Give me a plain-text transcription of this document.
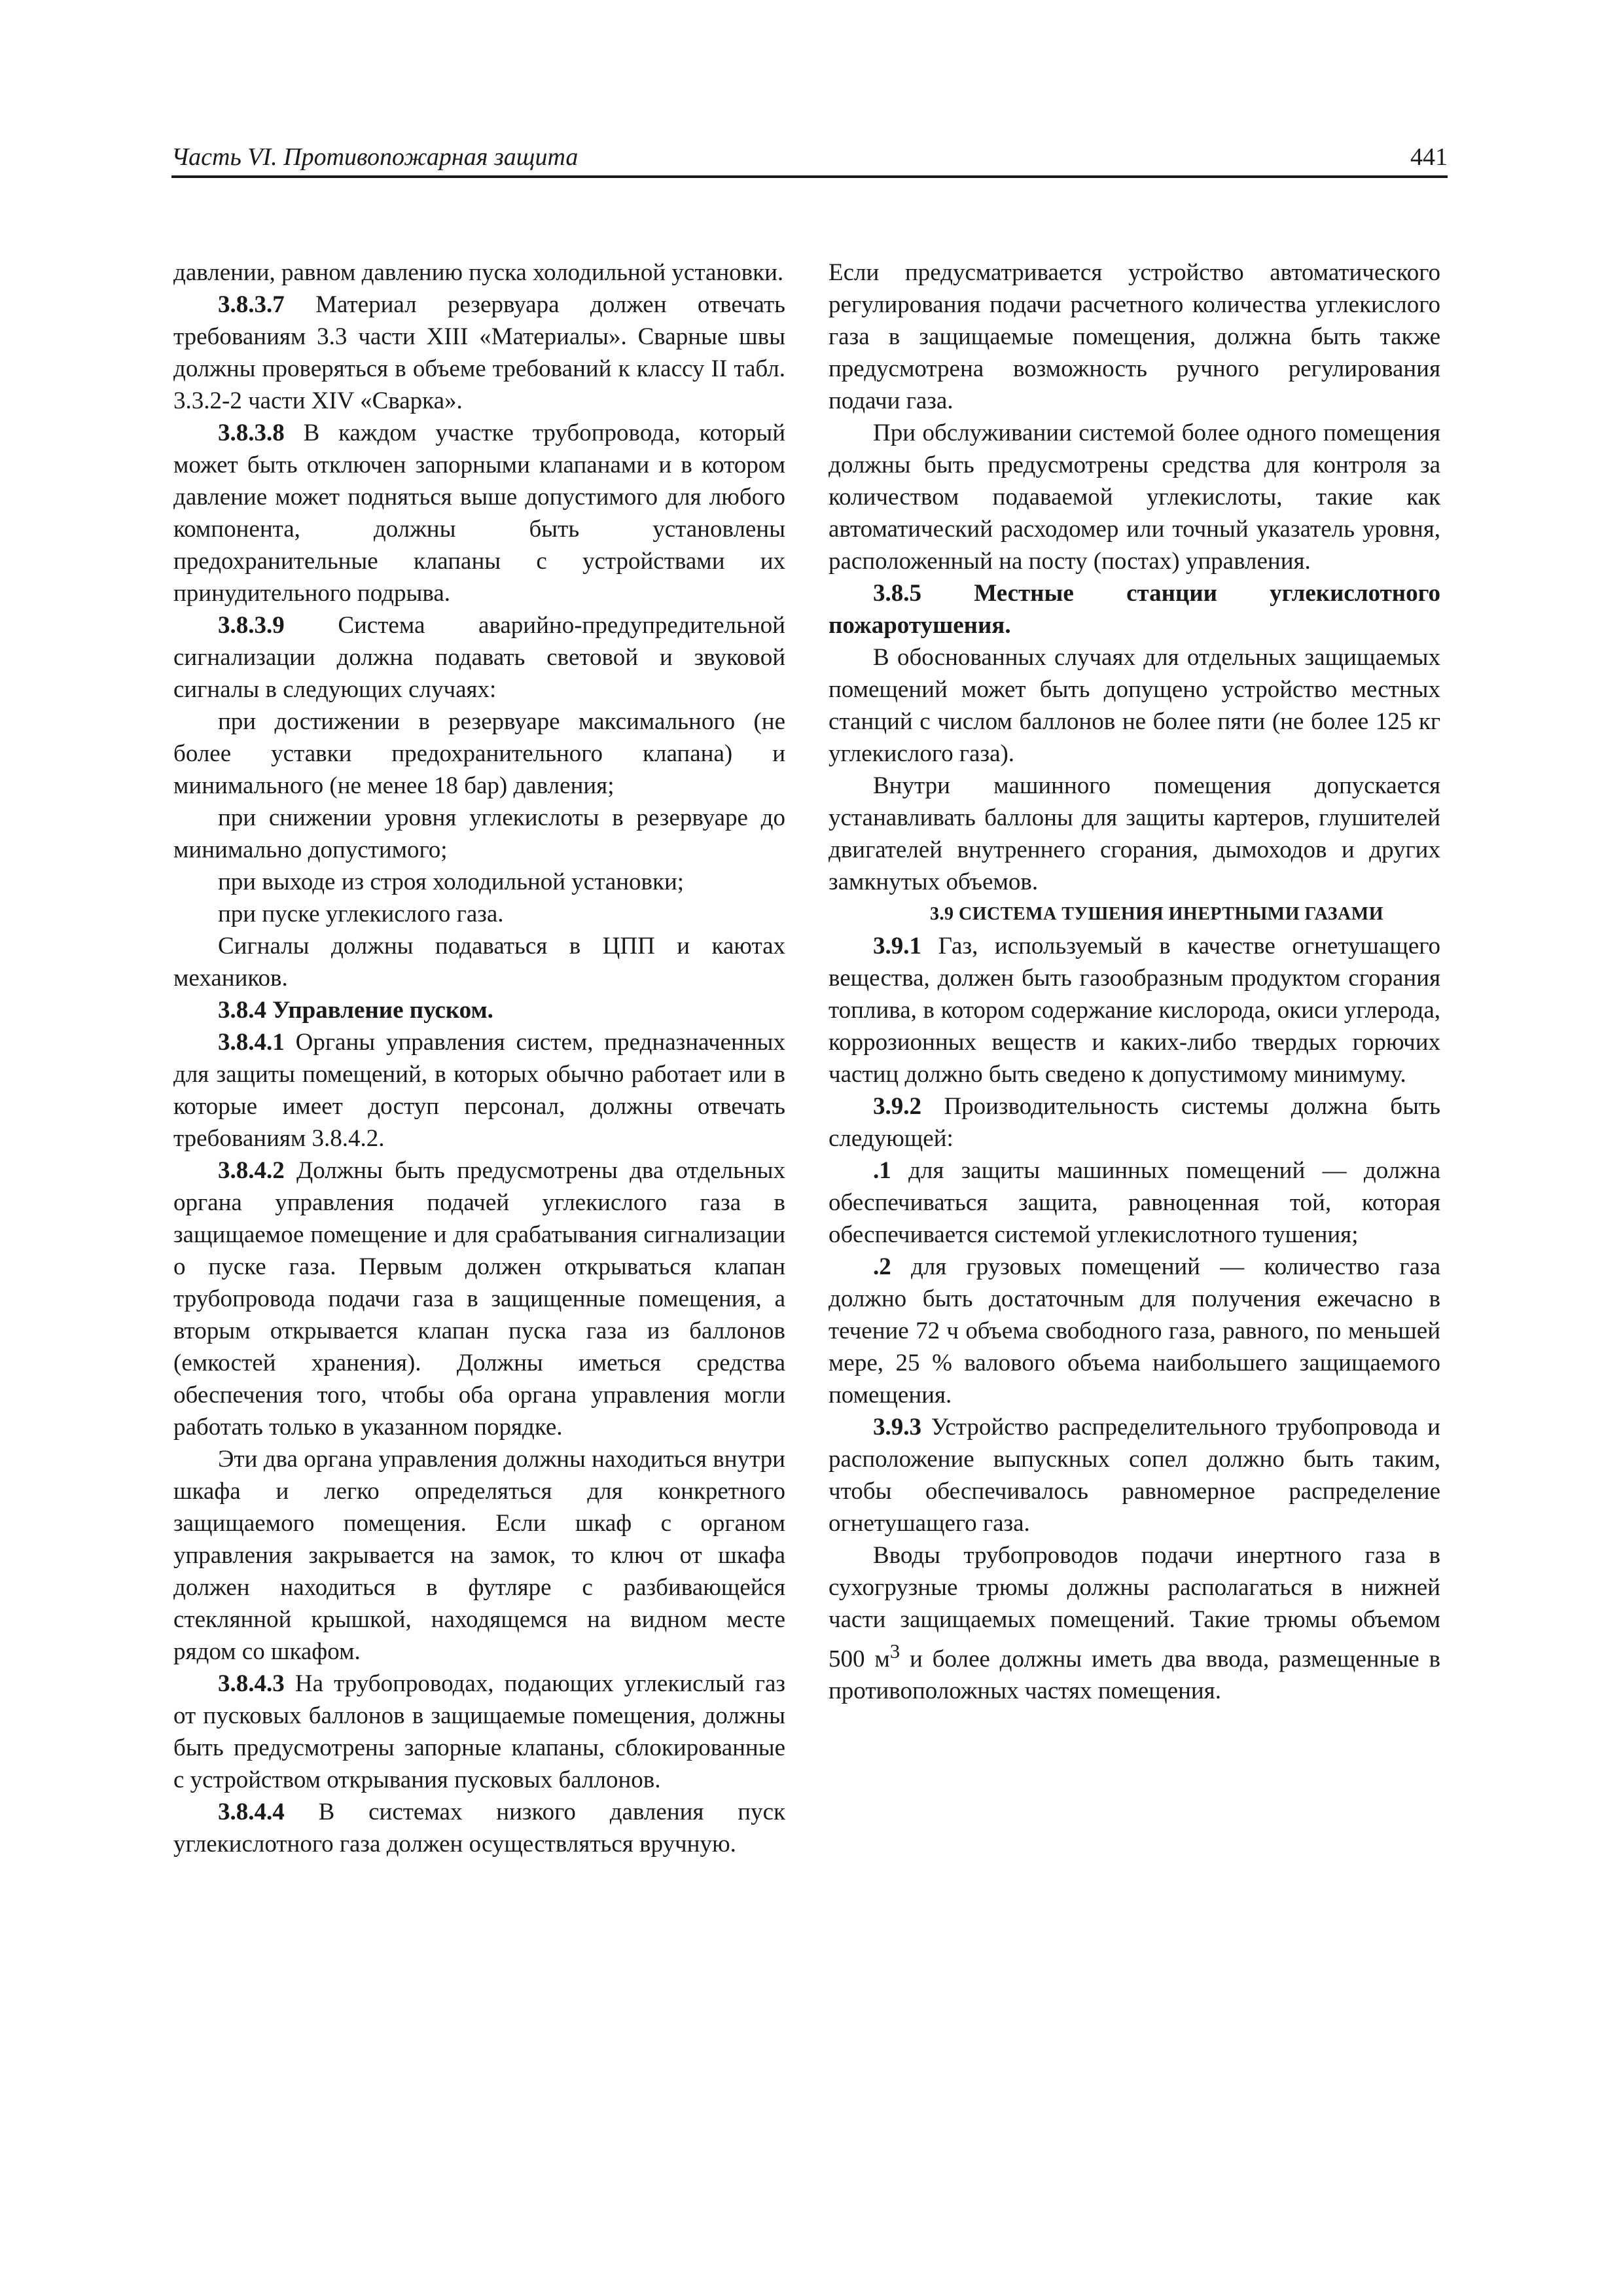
Часть VI. Противопожарная защита	441

давлении, равном давлению пуска холодильной установки.

3.8.3.7 Материал резервуара должен отвечать требованиям 3.3 части XIII «Материалы». Сварные швы должны проверяться в объеме требований к классу II табл. 3.3.2-2 части XIV «Сварка».

3.8.3.8 В каждом участке трубопровода, который может быть отключен запорными клапанами и в котором давление может подняться выше допустимого для любого компонента, должны быть установлены предохранительные клапаны с устройствами их принудительного подрыва.

3.8.3.9 Система аварийно-предупредительной сигнализации должна подавать световой и звуковой сигналы в следующих случаях:

при достижении в резервуаре максимального (не более уставки предохранительного клапана) и минимального (не менее 18 бар) давления;

при снижении уровня углекислоты в резервуаре до минимально допустимого;

при выходе из строя холодильной установки;

при пуске углекислого газа.

Сигналы должны подаваться в ЦПП и каютах механиков.

3.8.4 Управление пуском.

3.8.4.1 Органы управления систем, предназначенных для защиты помещений, в которых обычно работает или в которые имеет доступ персонал, должны отвечать требованиям 3.8.4.2.

3.8.4.2 Должны быть предусмотрены два отдельных органа управления подачей углекислого газа в защищаемое помещение и для срабатывания сигнализации о пуске газа. Первым должен открываться клапан трубопровода подачи газа в защищенные помещения, а вторым открывается клапан пуска газа из баллонов (емкостей хранения). Должны иметься средства обеспечения того, чтобы оба органа управления могли работать только в указанном порядке.

Эти два органа управления должны находиться внутри шкафа и легко определяться для конкретного защищаемого помещения. Если шкаф с органом управления закрывается на замок, то ключ от шкафа должен находиться в футляре с разбивающейся стеклянной крышкой, находящемся на видном месте рядом со шкафом.

3.8.4.3 На трубопроводах, подающих углекислый газ от пусковых баллонов в защищаемые помещения, должны быть предусмотрены запорные клапаны, сблокированные с устройством открывания пусковых баллонов.

3.8.4.4 В системах низкого давления пуск углекислотного газа должен осуществляться вручную.

Если предусматривается устройство автоматического регулирования подачи расчетного количества углекислого газа в защищаемые помещения, должна быть также предусмотрена возможность ручного регулирования подачи газа.

При обслуживании системой более одного помещения должны быть предусмотрены средства для контроля за количеством подаваемой углекислоты, такие как автоматический расходомер или точный указатель уровня, расположенный на посту (постах) управления.

3.8.5 Местные станции углекислотного пожаротушения.

В обоснованных случаях для отдельных защищаемых помещений может быть допущено устройство местных станций с числом баллонов не более пяти (не более 125 кг углекислого газа).

Внутри машинного помещения допускается устанавливать баллоны для защиты картеров, глушителей двигателей внутреннего сгорания, дымоходов и других замкнутых объемов.

3.9 СИСТЕМА ТУШЕНИЯ ИНЕРТНЫМИ ГАЗАМИ

3.9.1 Газ, используемый в качестве огнетушащего вещества, должен быть газообразным продуктом сгорания топлива, в котором содержание кислорода, окиси углерода, коррозионных веществ и каких-либо твердых горючих частиц должно быть сведено к допустимому минимуму.

3.9.2 Производительность системы должна быть следующей:

.1 для защиты машинных помещений — должна обеспечиваться защита, равноценная той, которая обеспечивается системой углекислотного тушения;

.2 для грузовых помещений — количество газа должно быть достаточным для получения ежечасно в течение 72 ч объема свободного газа, равного, по меньшей мере, 25 % валового объема наибольшего защищаемого помещения.

3.9.3 Устройство распределительного трубопровода и расположение выпускных сопел должно быть таким, чтобы обеспечивалось равномерное распределение огнетушащего газа.

Вводы трубопроводов подачи инертного газа в сухогрузные трюмы должны располагаться в нижней части защищаемых помещений. Такие трюмы объемом 500 $м^3$ и более должны иметь два ввода, размещенные в противоположных частях помещения.
